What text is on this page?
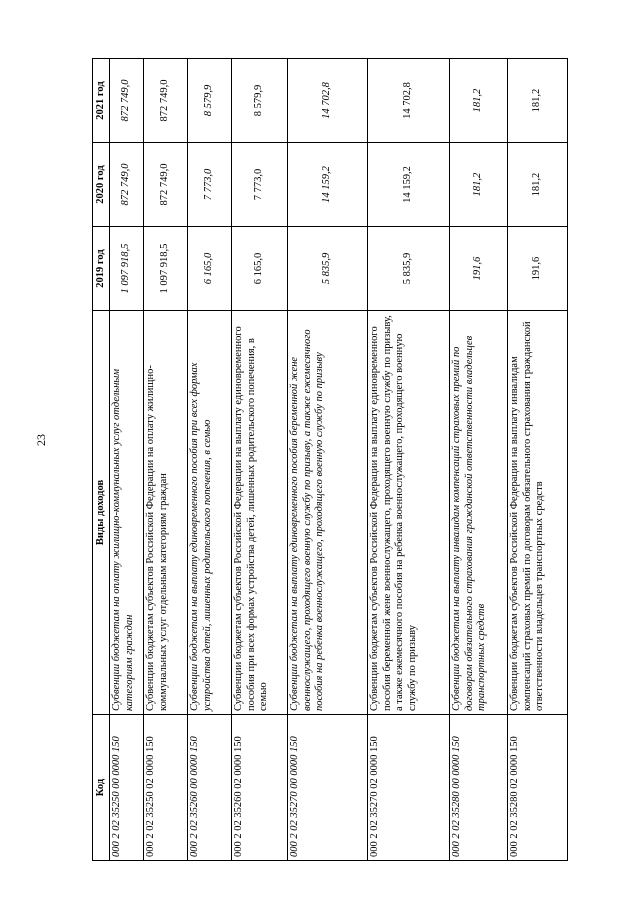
23
Код	Виды доходов	2019 год	2020 год	2021 год
000 2 02 35250 00 0000 150	Субвенции бюджетам на оплату жилищно-коммунальных услуг отдельным категориям граждан	1 097 918,5	872 749,0	872 749,0
000 2 02 35250 02 0000 150	Субвенции бюджетам субъектов Российской Федерации на оплату жилищно-коммунальных услуг отдельным категориям граждан	1 097 918,5	872 749,0	872 749,0
000 2 02 35260 00 0000 150	Субвенции бюджетам на выплату единовременного пособия при всех формах устройства детей, лишенных родительского попечения, в семью	6 165,0	7 773,0	8 579,9
000 2 02 35260 02 0000 150	Субвенции бюджетам субъектов Российской Федерации на выплату единовременного пособия при всех формах устройства детей, лишенных родительского попечения, в семью	6 165,0	7 773,0	8 579,9
000 2 02 35270 00 0000 150	Субвенции бюджетам на выплату единовременного пособия беременной жене военнослужащего, проходящего военную службу по призыву, а также ежемесячного пособия на ребенка военнослужащего, проходящего военную службу по призыву	5 835,9	14 159,2	14 702,8
000 2 02 35270 02 0000 150	Субвенции бюджетам субъектов Российской Федерации на выплату единовременного пособия беременной жене военнослужащего, проходящего военную службу по призыву, а также ежемесячного пособия на ребенка военнослужащего, проходящего военную службу по призыву	5 835,9	14 159,2	14 702,8
000 2 02 35280 00 0000 150	Субвенции бюджетам на выплату инвалидам компенсаций страховых премий по договорам обязательного страхования гражданской ответственности владельцев транспортных средств	191,6	181,2	181,2
000 2 02 35280 02 0000 150	Субвенции бюджетам субъектов Российской Федерации на выплату инвалидам компенсаций страховых премий по договорам обязательного страхования гражданской ответственности владельцев транспортных средств	191,6	181,2	181,2
